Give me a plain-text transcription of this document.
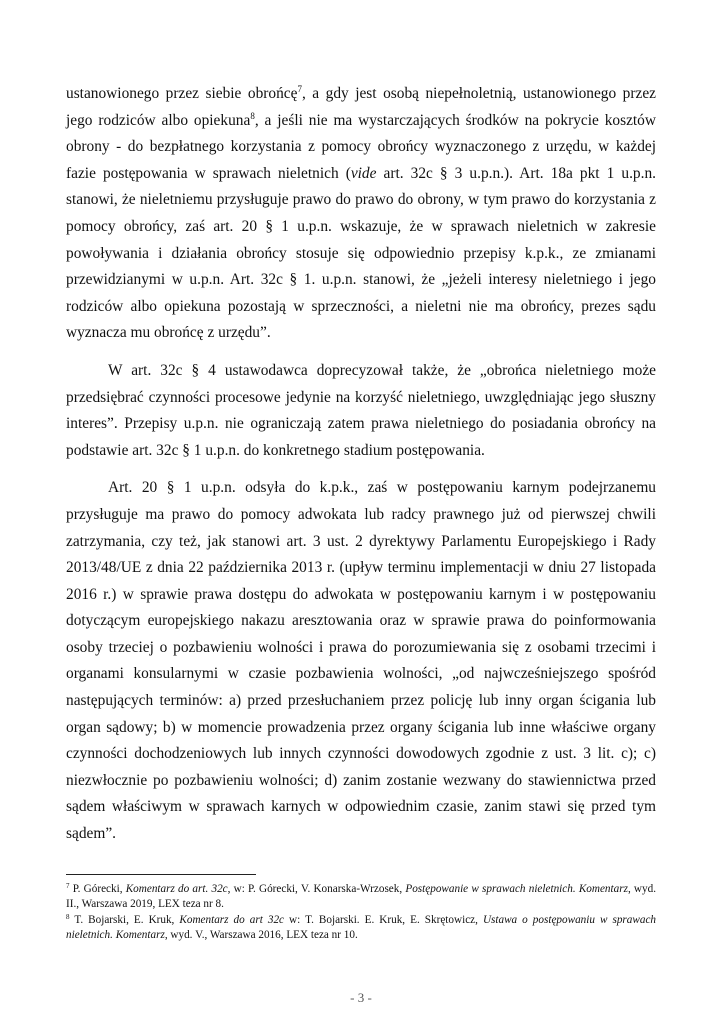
ustanowionego przez siebie obrońcę$^7$, a gdy jest osobą niepełnoletnią, ustanowionego przez jego rodziców albo opiekuna$^8$, a jeśli nie ma wystarczających środków na pokrycie kosztów obrony - do bezpłatnego korzystania z pomocy obrońcy wyznaczonego z urzędu, w każdej fazie postępowania w sprawach nieletnich (vide art. 32c § 3 u.p.n.). Art. 18a pkt 1 u.p.n. stanowi, że nieletniemu przysługuje prawo do prawo do obrony, w tym prawo do korzystania z pomocy obrońcy, zaś art. 20 § 1 u.p.n. wskazuje, że w sprawach nieletnich w zakresie powoływania i działania obrońcy stosuje się odpowiednio przepisy k.p.k., ze zmianami przewidzianymi w u.p.n. Art. 32c § 1. u.p.n. stanowi, że „jeżeli interesy nieletniego i jego rodziców albo opiekuna pozostają w sprzeczności, a nieletni nie ma obrońcy, prezes sądu wyznacza mu obrońcę z urzędu”.

W art. 32c § 4 ustawodawca doprecyzował także, że „obrońca nieletniego może przedsiębrać czynności procesowe jedynie na korzyść nieletniego, uwzględniając jego słuszny interes”. Przepisy u.p.n. nie ograniczają zatem prawa nieletniego do posiadania obrońcy na podstawie art. 32c § 1 u.p.n. do konkretnego stadium postępowania.

Art. 20 § 1 u.p.n. odsyła do k.p.k., zaś w postępowaniu karnym podejrzanemu przysługuje ma prawo do pomocy adwokata lub radcy prawnego już od pierwszej chwili zatrzymania, czy też, jak stanowi art. 3 ust. 2 dyrektywy Parlamentu Europejskiego i Rady 2013/48/UE z dnia 22 października 2013 r. (upływ terminu implementacji w dniu 27 listopada 2016 r.) w sprawie prawa dostępu do adwokata w postępowaniu karnym i w postępowaniu dotyczącym europejskiego nakazu aresztowania oraz w sprawie prawa do poinformowania osoby trzeciej o pozbawieniu wolności i prawa do porozumiewania się z osobami trzecimi i organami konsularnymi w czasie pozbawienia wolności, „od najwcześniejszego spośród następujących terminów: a) przed przesłuchaniem przez policję lub inny organ ścigania lub organ sądowy; b) w momencie prowadzenia przez organy ścigania lub inne właściwe organy czynności dochodzeniowych lub innych czynności dowodowych zgodnie z ust. 3 lit. c); c) niezwłocznie po pozbawieniu wolności; d) zanim zostanie wezwany do stawiennictwa przed sądem właściwym w sprawach karnych w odpowiednim czasie, zanim stawi się przed tym sądem”.

$^7$ P. Górecki, Komentarz do art. 32c, w: P. Górecki, V. Konarska-Wrzosek, Postępowanie w sprawach nieletnich. Komentarz, wyd. II., Warszawa 2019, LEX teza nr 8.

$^8$ T. Bojarski, E. Kruk, Komentarz do art 32c w: T. Bojarski. E. Kruk, E. Skrętowicz, Ustawa o postępowaniu w sprawach nieletnich. Komentarz, wyd. V., Warszawa 2016, LEX teza nr 10.

- 3 -
